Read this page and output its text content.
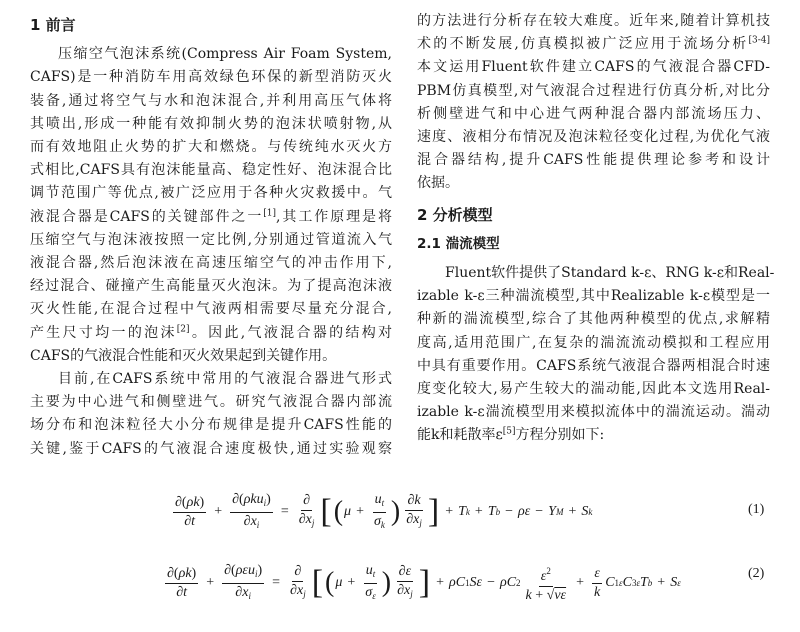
1 前言
压缩空气泡沫系统(Compress Air Foam System,
CAFS)是一种消防车用高效绿色环保的新型消防灭火
装备,通过将空气与水和泡沫混合,并利用高压气体将
其喷出,形成一种能有效抑制火势的泡沫状喷射物,从
而有效地阻止火势的扩大和燃烧。与传统纯水灭火方
式相比,CAFS具有泡沫能量高、稳定性好、泡沫混合比
调节范围广等优点,被广泛应用于各种火灾救援中。气
液混合器是CAFS的关键部件之一[1],其工作原理是将
压缩空气与泡沫液按照一定比例,分别通过管道流入气
液混合器,然后泡沫液在高速压缩空气的冲击作用下,
经过混合、碰撞产生高能量灭火泡沫。为了提高泡沫液
灭火性能,在混合过程中气液两相需要尽量充分混合,
产生尺寸均一的泡沫[2]。因此,气液混合器的结构对
CAFS的气液混合性能和灭火效果起到关键作用。
目前,在CAFS系统中常用的气液混合器进气形式
主要为中心进气和侧壁进气。研究气液混合器内部流
场分布和泡沫粒径大小分布规律是提升CAFS性能的
关键,鉴于CAFS的气液混合速度极快,通过实验观察
的方法进行分析存在较大难度。近年来,随着计算机技
术的不断发展,仿真模拟被广泛应用于流场分析[3-4]
本文运用Fluent软件建立CAFS的气液混合器CFD-
PBM仿真模型,对气液混合过程进行仿真分析,对比分
析侧壁进气和中心进气两种混合器内部流场压力、
速度、液相分布情况及泡沫粒径变化过程,为优化气液
混合器结构,提升CAFS性能提供理论参考和设计
依据。
2 分析模型
2.1 湍流模型
Fluent软件提供了Standard k-ε、RNG k-ε和Real-
izable k-ε三种湍流模型,其中Realizable k-ε模型是一
种新的湍流模型,综合了其他两种模型的优点,求解精
度高,适用范围广,在复杂的湍流流动模拟和工程应用
中具有重要作用。CAFS系统气液混合器两相混合时速
度变化较大,易产生较大的湍动能,因此本文选用Real-
izable k-ε湍流模型用来模拟流体中的湍流运动。湍动
能k和耗散率ε[5]方程分别如下:
$\frac{\partial(\rho k)}{\partial t} + \frac{\partial(\rho ku_i)}{\partial x_i} = \frac{\partial}{\partial x_j}$ [ ( $\mu + \frac{u_t}{\sigma_k}$ ) $\frac{\partial k}{\partial x_j}$ ] + T k + T b − ρε − Y M + S k	(1)
$\frac{\partial(\rho k)}{\partial t} + \frac{\partial(\rho\varepsilon u_i)}{\partial x_i} = \frac{\partial}{\partial x_j}$ [ ( $\mu + \frac{u_t}{\sigma_\varepsilon}$ ) $\frac{\partial\varepsilon}{\partial x_j}$ ] + ρC 1 Sε − ρC $2 \frac{\varepsilon^2}{k + √v\varepsilon} + \frac{\varepsilon}{k}$ C 1ε C 3ε T b + S ε
(2)
